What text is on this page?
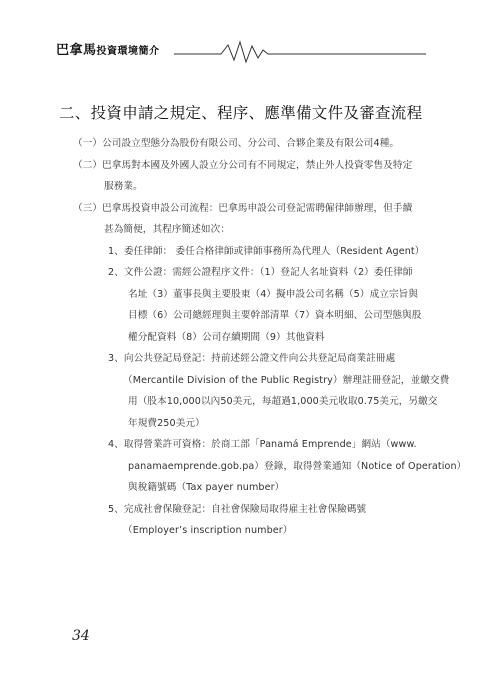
巴拿馬投資環境簡介
二、投資申請之規定、程序、應準備文件及審查流程
（一）公司設立型態分為股份有限公司、分公司、合夥企業及有限公司4種。
（二）巴拿馬對本國及外國人設立分公司有不同規定，禁止外人投資零售及特定
服務業。
（三）巴拿馬投資申設公司流程：巴拿馬申設公司登記需聘僱律師辦理，但手續
甚為簡便，其程序簡述如次：
1、委任律師： 委任合格律師或律師事務所為代理人（Resident Agent）
2、文件公證：需經公證程序文件：（1）登記人名址資料（2）委任律師
名址（3）董事長與主要股東（4）擬申設公司名稱（5）成立宗旨與
目標（6）公司總經理與主要幹部清單（7）資本明細、公司型態與股
權分配資料（8）公司存續期間（9）其他資料
3、向公共登記局登記：持前述經公證文件向公共登記局商業註冊處
（Mercantile Division of the Public Registry）辦理註冊登記，並繳交費
用（股本10,000以內50美元，每超過1,000美元收取0.75美元，另繳交
年規費250美元）
4、取得營業許可資格：於商工部「Panamá Emprende」網站（www.
panamaemprende.gob.pa）登錄，取得營業通知（Notice of Operation）
與稅籍號碼（Tax payer number）
5、完成社會保險登記：自社會保險局取得雇主社會保險碼號
（Employer’s inscription number）
34
